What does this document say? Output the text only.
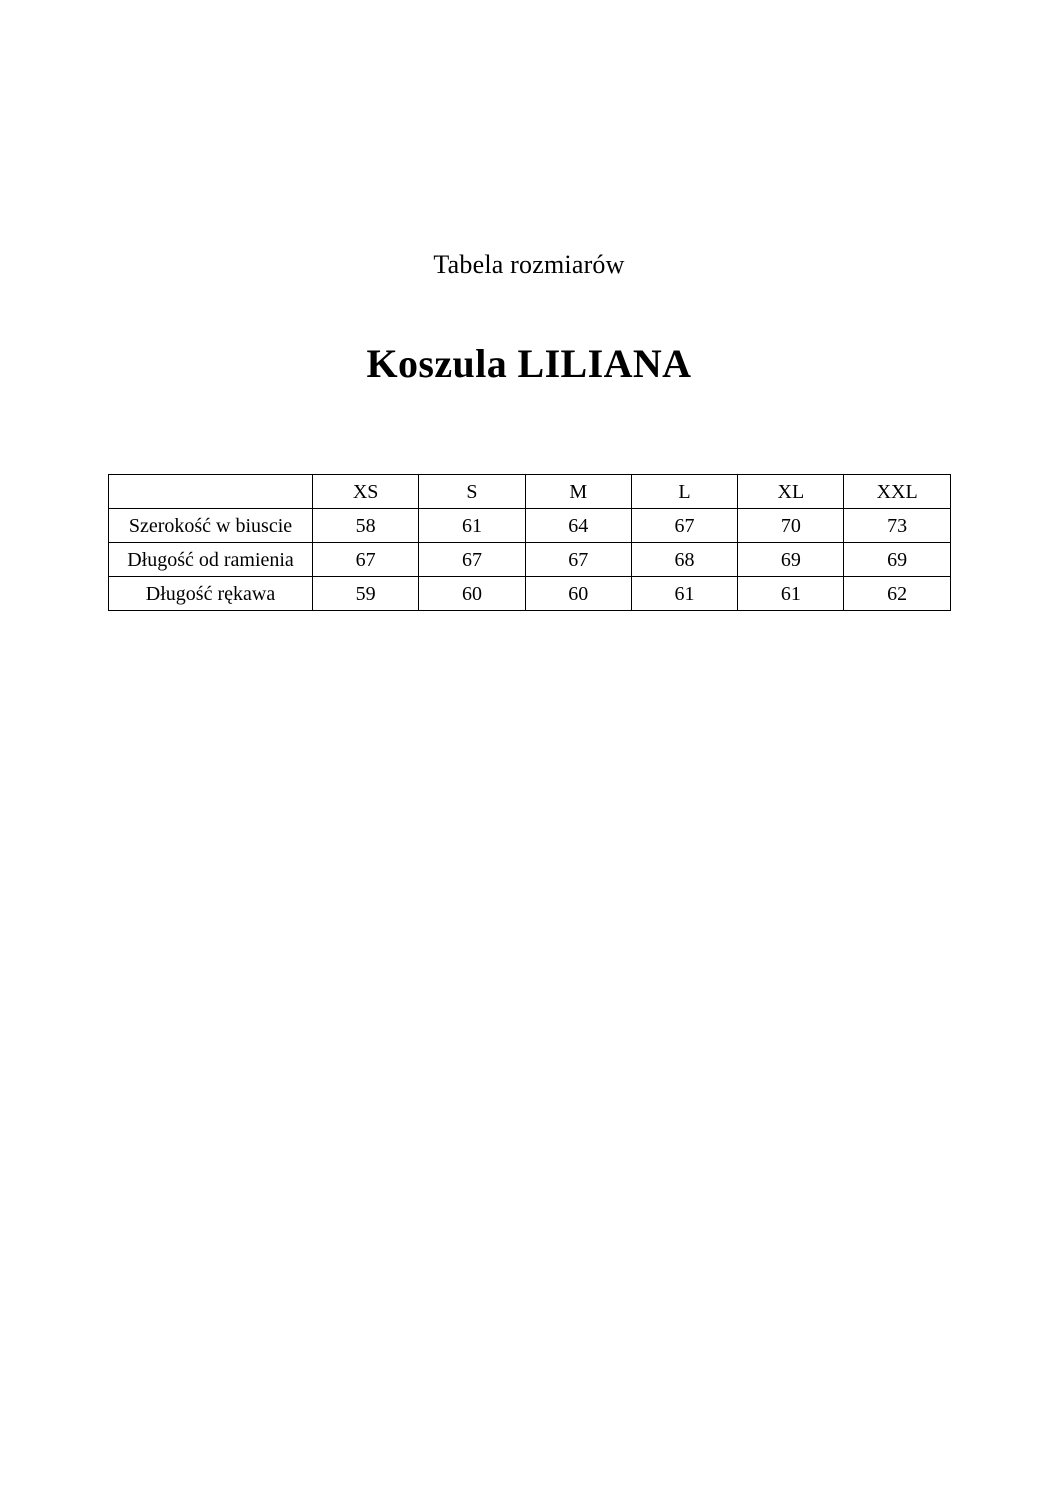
Tabela rozmiarów
Koszula LILIANA
	XS	S	M	L	XL	XXL
Szerokość w biuscie	58	61	64	67	70	73
Długość od ramienia	67	67	67	68	69	69
Długość rękawa	59	60	60	61	61	62
